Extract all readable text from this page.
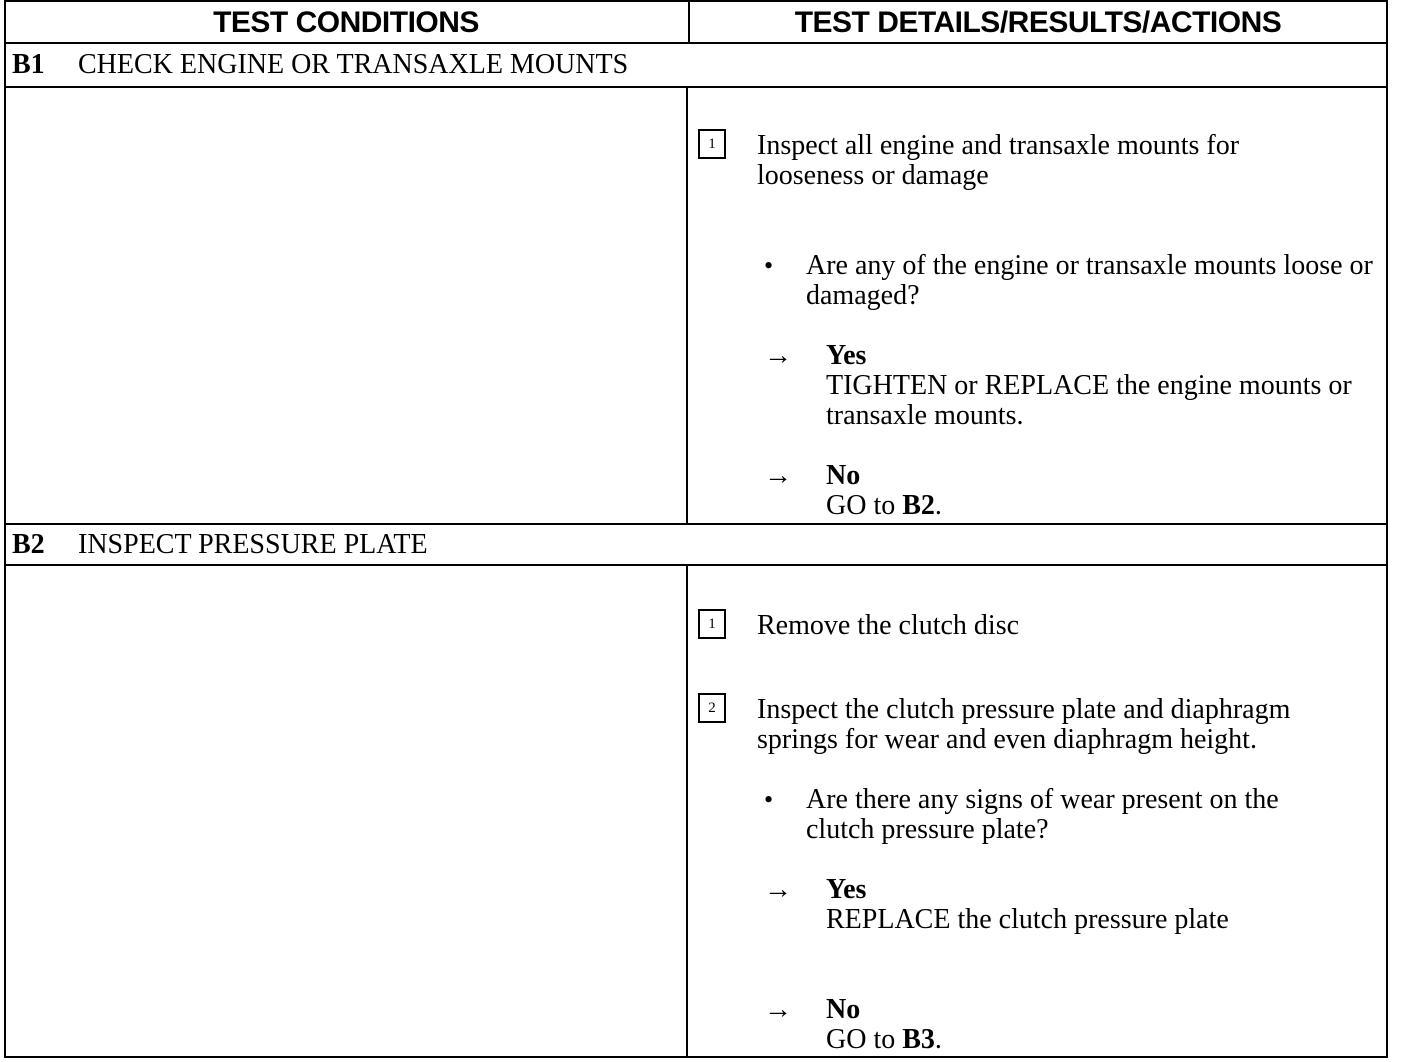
TEST CONDITIONS	TEST DETAILS/RESULTS/ACTIONS
B1 CHECK ENGINE OR TRANSAXLE MOUNTS
1	Inspect all engine and transaxle mounts for looseness or damage
• Are any of the engine or transaxle mounts loose or damaged?
→ Yes
TIGHTEN or REPLACE the engine mounts or transaxle mounts.
→ No
GO to B2.
B2 INSPECT PRESSURE PLATE
1	Remove the clutch disc
2	Inspect the clutch pressure plate and diaphragm springs for wear and even diaphragm height.
• Are there any signs of wear present on the clutch pressure plate?
→ Yes
REPLACE the clutch pressure plate
→ No
GO to B3.
